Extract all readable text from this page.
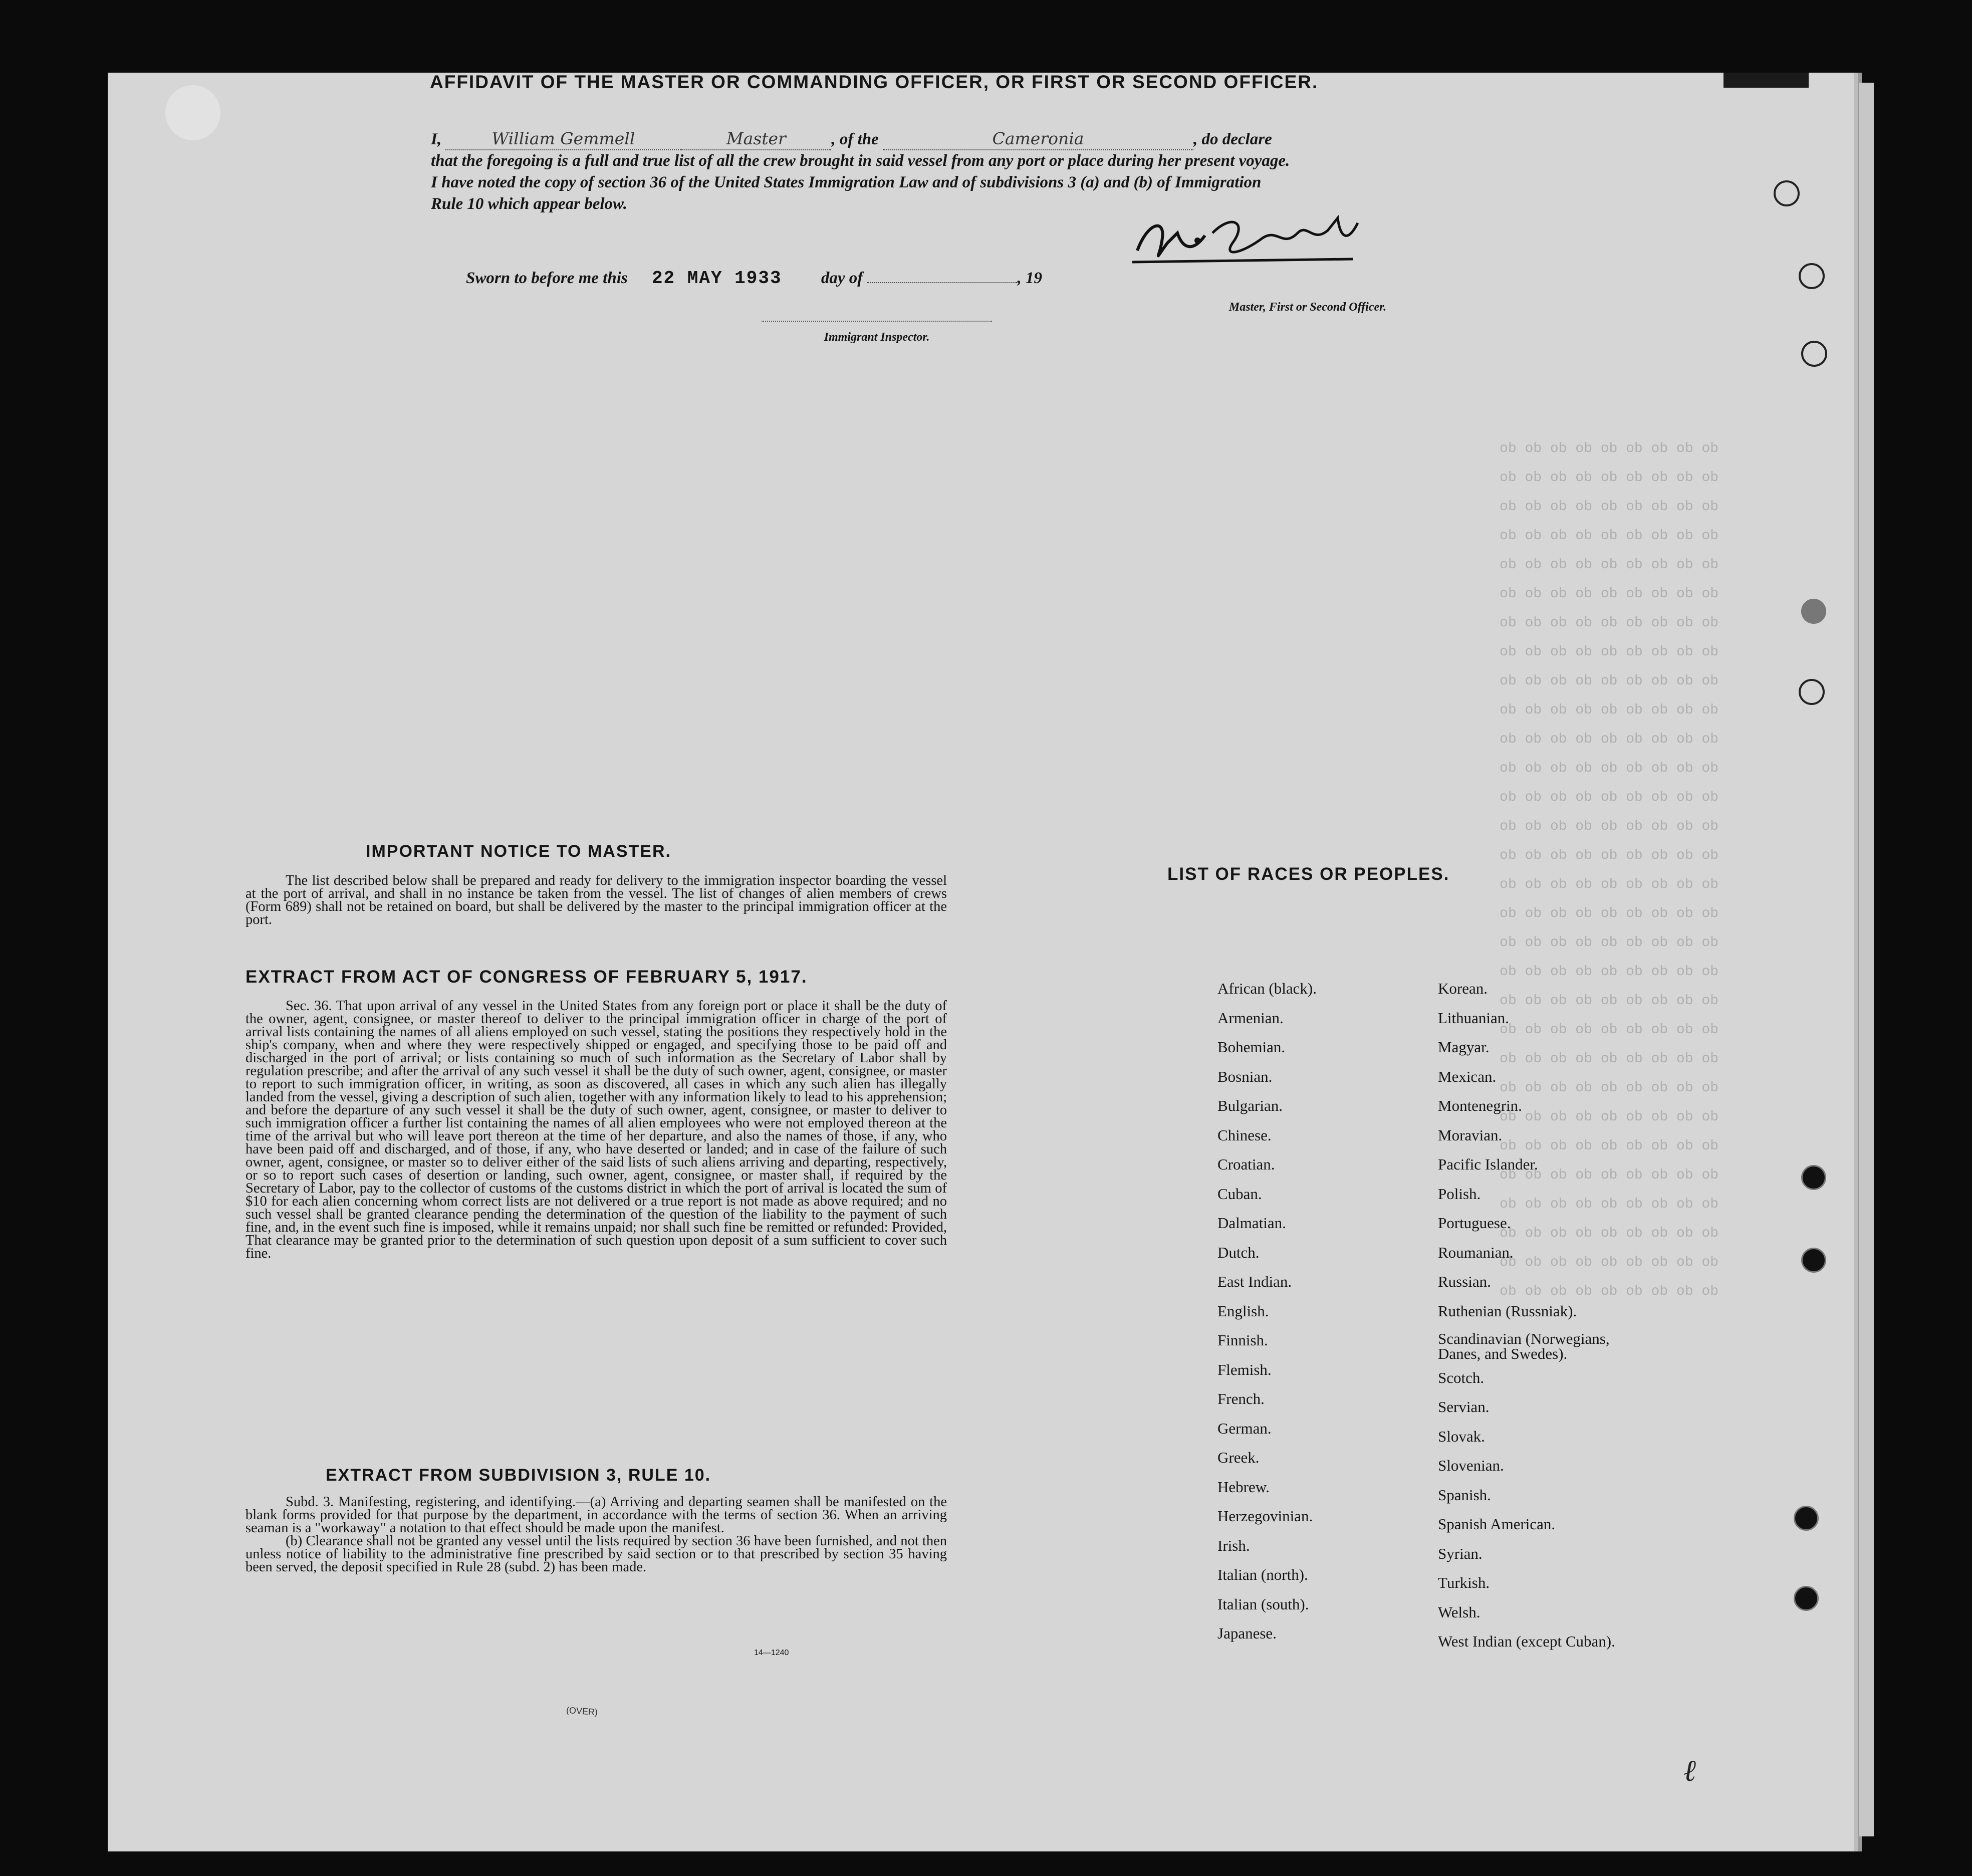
do do do do do do do do do
do do do do do do do do do
do do do do do do do do do
do do do do do do do do do
do do do do do do do do do
do do do do do do do do do
do do do do do do do do do
do do do do do do do do do
do do do do do do do do do
do do do do do do do do do
do do do do do do do do do
do do do do do do do do do
do do do do do do do do do
do do do do do do do do do
do do do do do do do do do
do do do do do do do do do
do do do do do do do do do
do do do do do do do do do
do do do do do do do do do
do do do do do do do do do
do do do do do do do do do
do do do do do do do do do
do do do do do do do do do
do do do do do do do do do
do do do do do do do do do
do do do do do do do do do
do do do do do do do do do
do do do do do do do do do
do do do do do do do do do
do do do do do do do do do
AFFIDAVIT OF THE MASTER OR COMMANDING OFFICER, OR FIRST OR SECOND OFFICER.
I,	William Gemmell	Master	, of the	Cameronia	, do declare
that the foregoing is a full and true list of all the crew brought in said vessel from any port or place during her present voyage.
I have noted the copy of section 36 of the United States Immigration Law and of subdivisions 3 (a) and (b) of Immigration
Rule 10 which appear below.
Master, First or Second Officer.
Sworn to before me this 22 MAY 1933 day of	, 19
Immigrant Inspector.
IMPORTANT NOTICE TO MASTER.
The list described below shall be prepared and ready for delivery to the immigration inspector boarding the vessel at the port of arrival, and shall in no instance be taken from the vessel. The list of changes of alien members of crews (Form 689) shall not be retained on board, but shall be delivered by the master to the principal immigration officer at the port.
EXTRACT FROM ACT OF CONGRESS OF FEBRUARY 5, 1917.
Sec. 36. That upon arrival of any vessel in the United States from any foreign port or place it shall be the duty of the owner, agent, consignee, or master thereof to deliver to the principal immigration officer in charge of the port of arrival lists containing the names of all aliens employed on such vessel, stating the positions they respectively hold in the ship's company, when and where they were respectively shipped or engaged, and specifying those to be paid off and discharged in the port of arrival; or lists containing so much of such information as the Secretary of Labor shall by regulation prescribe; and after the arrival of any such vessel it shall be the duty of such owner, agent, consignee, or master to report to such immigration officer, in writing, as soon as discovered, all cases in which any such alien has illegally landed from the vessel, giving a description of such alien, together with any information likely to lead to his apprehension; and before the departure of any such vessel it shall be the duty of such owner, agent, consignee, or master to deliver to such immigration officer a further list containing the names of all alien employees who were not employed thereon at the time of the arrival but who will leave port thereon at the time of her departure, and also the names of those, if any, who have been paid off and discharged, and of those, if any, who have deserted or landed; and in case of the failure of such owner, agent, consignee, or master so to deliver either of the said lists of such aliens arriving and departing, respectively, or so to report such cases of desertion or landing, such owner, agent, consignee, or master shall, if required by the Secretary of Labor, pay to the collector of customs of the customs district in which the port of arrival is located the sum of $10 for each alien concerning whom correct lists are not delivered or a true report is not made as above required; and no such vessel shall be granted clearance pending the determination of the question of the liability to the payment of such fine, and, in the event such fine is imposed, while it remains unpaid; nor shall such fine be remitted or refunded: Provided, That clearance may be granted prior to the determination of such question upon deposit of a sum sufficient to cover such fine.
EXTRACT FROM SUBDIVISION 3, RULE 10.
Subd. 3. Manifesting, registering, and identifying.—(a) Arriving and departing seamen shall be manifested on the blank forms provided for that purpose by the department, in accordance with the terms of section 36. When an arriving seaman is a "workaway" a notation to that effect should be made upon the manifest.
(b) Clearance shall not be granted any vessel until the lists required by section 36 have been furnished, and not then unless notice of liability to the administrative fine prescribed by said section or to that prescribed by section 35 having been served, the deposit specified in Rule 28 (subd. 2) has been made.
14—1240
LIST OF RACES OR PEOPLES.
African (black).
Armenian.
Bohemian.
Bosnian.
Bulgarian.
Chinese.
Croatian.
Cuban.
Dalmatian.
Dutch.
East Indian.
English.
Finnish.
Flemish.
French.
German.
Greek.
Hebrew.
Herzegovinian.
Irish.
Italian (north).
Italian (south).
Japanese.
Korean.
Lithuanian.
Magyar.
Mexican.
Montenegrin.
Moravian.
Pacific Islander.
Polish.
Portuguese.
Roumanian.
Russian.
Ruthenian (Russniak).
Scandinavian (Norwegians, Danes, and Swedes).
Scotch.
Servian.
Slovak.
Slovenian.
Spanish.
Spanish American.
Syrian.
Turkish.
Welsh.
West Indian (except Cuban).
ℓ
(OVER)
